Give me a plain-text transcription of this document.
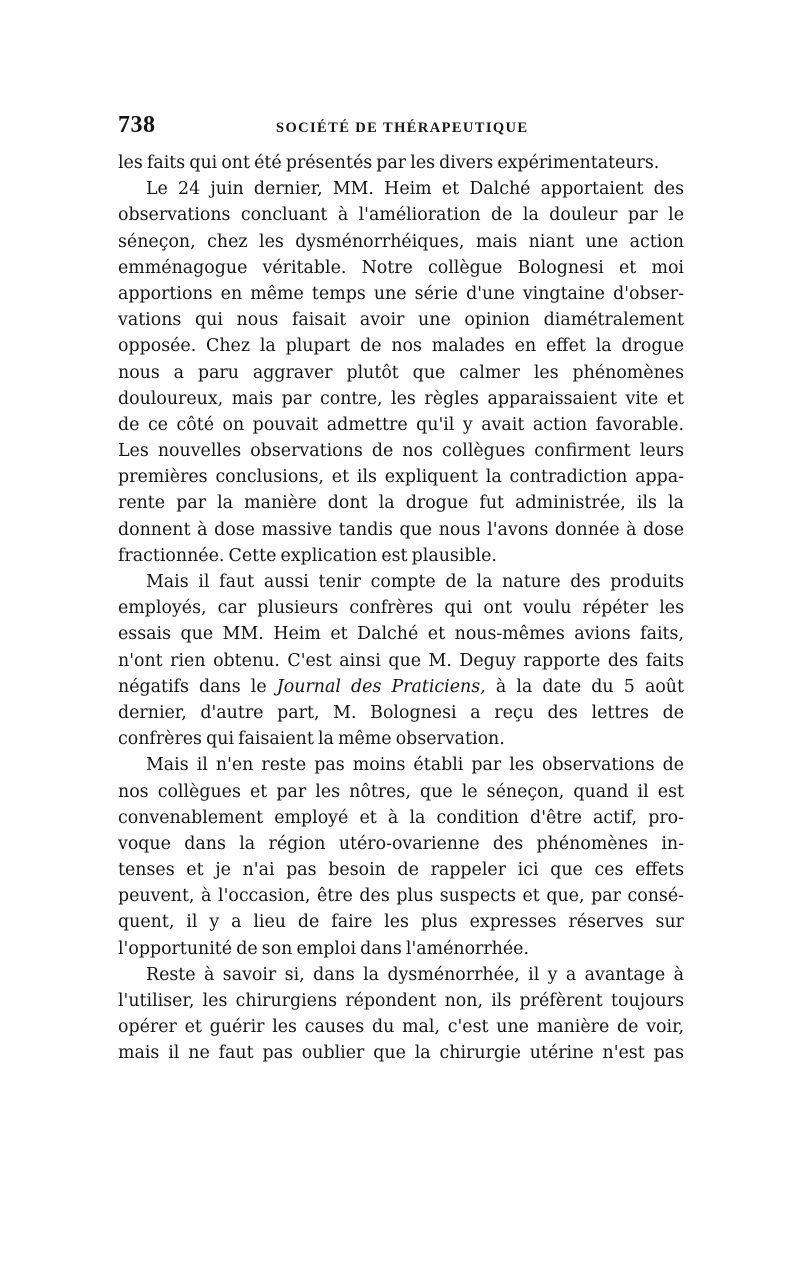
738	SOCIÉTÉ DE THÉRAPEUTIQUE
les faits qui ont été présentés par les divers expérimentateurs.
Le 24 juin dernier, MM. Heim et Dalché apportaient des
observations concluant à l'amélioration de la douleur par le
séneçon, chez les dysménorrhéiques, mais niant une action
emménagogue véritable. Notre collègue Bolognesi et moi
apportions en même temps une série d'une vingtaine d'obser-
vations qui nous faisait avoir une opinion diamétralement
opposée. Chez la plupart de nos malades en effet la drogue
nous a paru aggraver plutôt que calmer les phénomènes
douloureux, mais par contre, les règles apparaissaient vite et
de ce côté on pouvait admettre qu'il y avait action favorable.
Les nouvelles observations de nos collègues confirment leurs
premières conclusions, et ils expliquent la contradiction appa-
rente par la manière dont la drogue fut administrée, ils la
donnent à dose massive tandis que nous l'avons donnée à dose
fractionnée. Cette explication est plausible.
Mais il faut aussi tenir compte de la nature des produits
employés, car plusieurs confrères qui ont voulu répéter les
essais que MM. Heim et Dalché et nous-mêmes avions faits,
n'ont rien obtenu. C'est ainsi que M. Deguy rapporte des faits
négatifs dans le Journal des Praticiens, à la date du 5 août
dernier, d'autre part, M. Bolognesi a reçu des lettres de
confrères qui faisaient la même observation.
Mais il n'en reste pas moins établi par les observations de
nos collègues et par les nôtres, que le séneçon, quand il est
convenablement employé et à la condition d'être actif, pro-
voque dans la région utéro-ovarienne des phénomènes in-
tenses et je n'ai pas besoin de rappeler ici que ces effets
peuvent, à l'occasion, être des plus suspects et que, par consé-
quent, il y a lieu de faire les plus expresses réserves sur
l'opportunité de son emploi dans l'aménorrhée.
Reste à savoir si, dans la dysménorrhée, il y a avantage à
l'utiliser, les chirurgiens répondent non, ils préfèrent toujours
opérer et guérir les causes du mal, c'est une manière de voir,
mais il ne faut pas oublier que la chirurgie utérine n'est pas
